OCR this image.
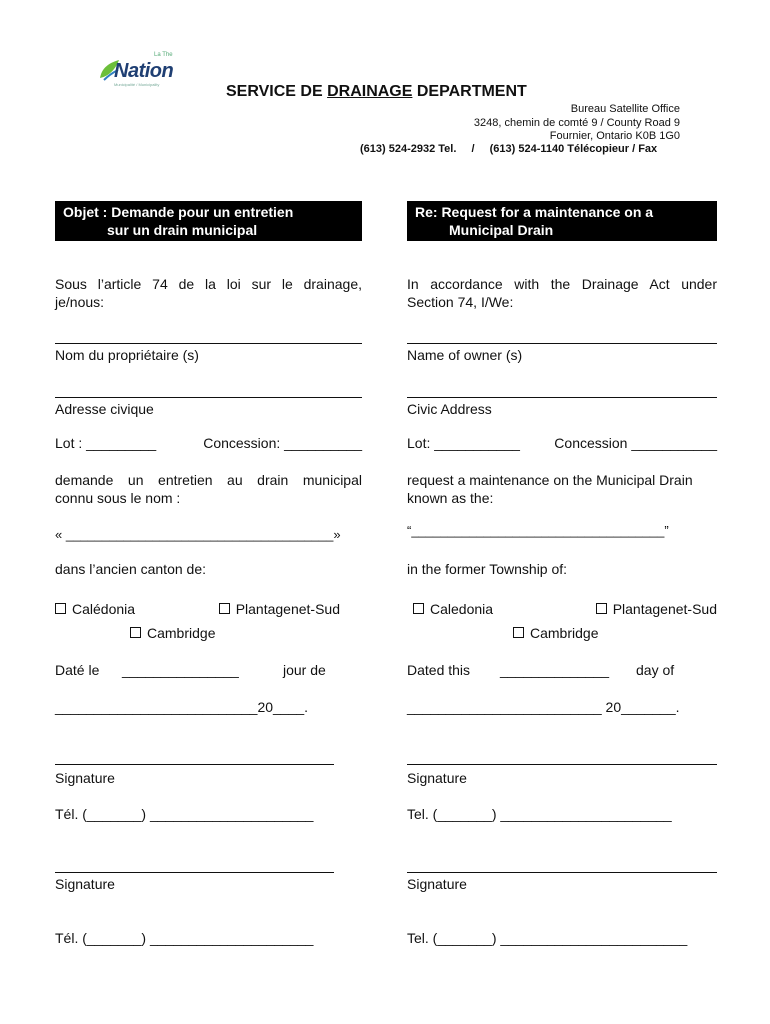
La The
Nation
Municipalité / Municipality	SERVICE DE DRAINAGE DEPARTMENT
Bureau Satellite Office
3248, chemin de comté 9 / County Road 9
Fournier, Ontario K0B 1G0
(613) 524-2932 Tel. / (613) 524-1140 Télécopieur / Fax
Objet : Demande pour un entretien
sur un drain municipal
Sous l’article 74 de la loi sur le drainage,
je/nous:
Nom du propriétaire (s)
Adresse civique
Lot : _________	Concession: __________
demande un entretien au drain municipal
connu sous le nom :
« _____________________________________»
dans l’ancien canton de:
Calédonia	Plantagenet-Sud
Cambridge
Daté le _______________	jour de
__________________________20____.
Signature
Tél. (_______) _____________________
Signature
Tél. (_______) _____________________
Re: Request for a maintenance on a
Municipal Drain
In accordance with the Drainage Act under
Section 74, I/We:
Name of owner (s)
Civic Address
Lot: ___________ Concession ___________
request a maintenance on the Municipal Drain
known as the:
“___________________________________”
in the former Township of:
Caledonia	Plantagenet-Sud
Cambridge
Dated this ______________ day of
_________________________ 20_______.
Signature
Tel. (_______) ______________________
Signature
Tel. (_______) ________________________
